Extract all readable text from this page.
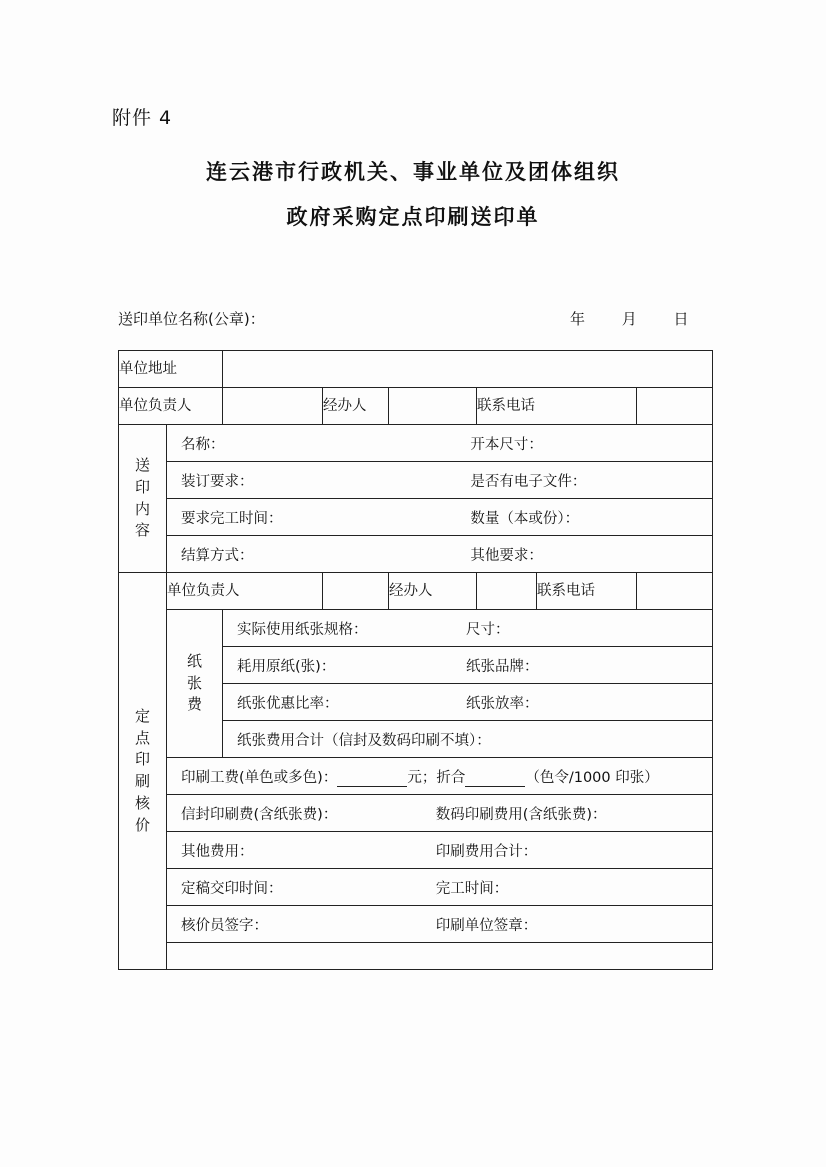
附件 4
连云港市行政机关、事业单位及团体组织
政府采购定点印刷送印单
送印单位名称(公章)：	年 月 日
单位地址							
单位负责人			经办人		联系电话		

送
印
内
容

名称：	开本尺寸：

	装订要求： 是否有电子文件：						

	要求完工时间： 数量（本或份）：						

	结算方式： 其他要求：						

定
点
印
刷
核
价
	单位负责人		经办人		联系电话	

纸
张
费

实际使用纸张规格：	尺寸：

		耗用原纸(张)： 纸张品牌：					

		纸张优惠比率： 纸张放率：					

		纸张费用合计（信封及数码印刷不填）：					

	印刷工费(单色或多色)： 元；折合 （色令/1000 印张）						

	信封印刷费(含纸张费)： 数码印刷费用(含纸张费)：						

	其他费用： 印刷费用合计：						

	定稿交印时间： 完工时间：						

	核价员签字： 印刷单位签章：						
